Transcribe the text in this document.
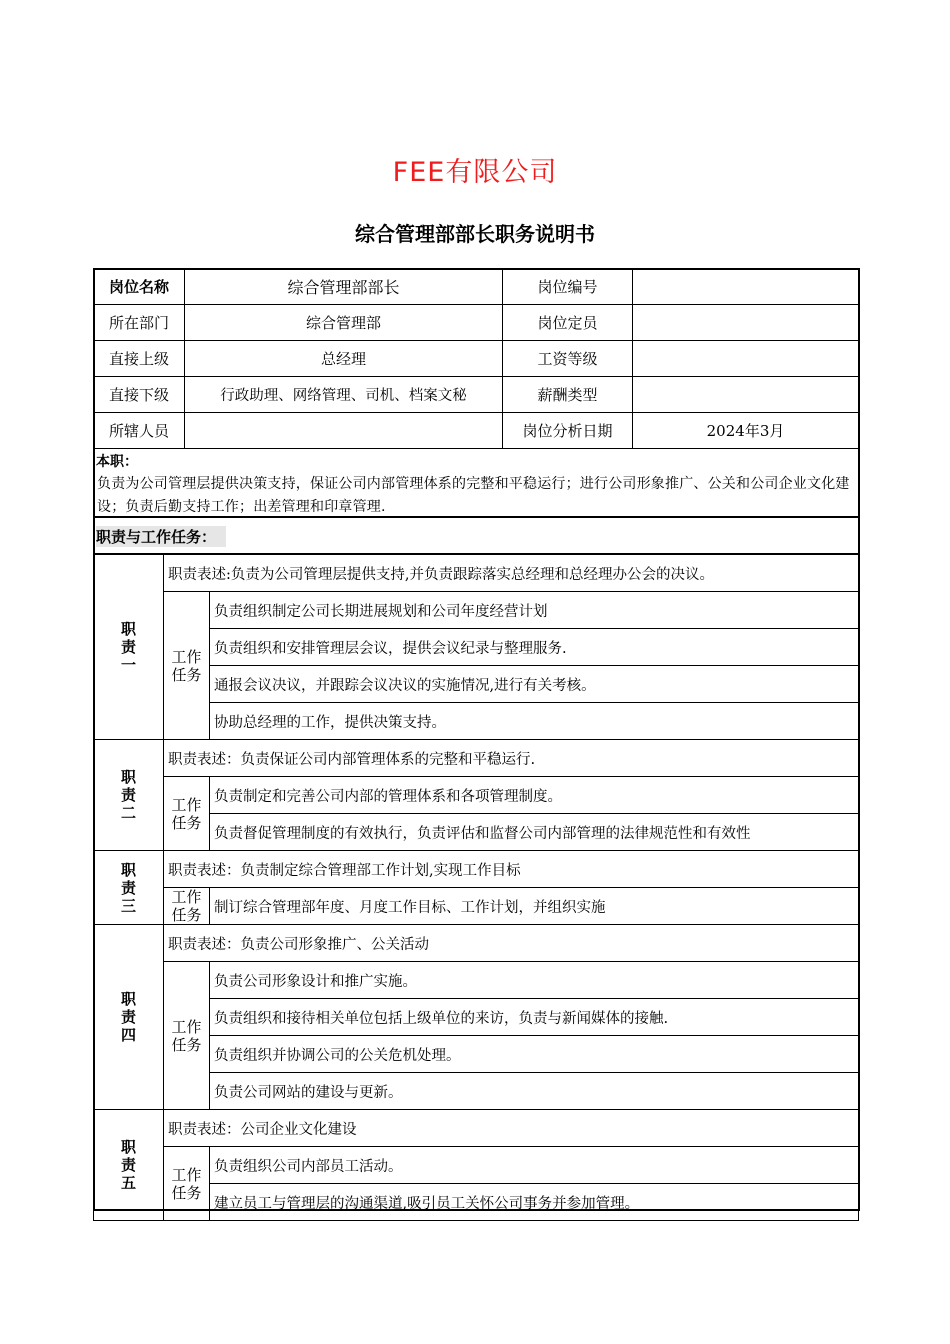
FEE有限公司
综合管理部部长职务说明书
岗位名称	综合管理部部长	岗位编号	
所在部门	综合管理部	岗位定员	
直接上级	总经理	工资等级	
直接下级	行政助理、网络管理、司机、档案文秘	薪酬类型	
所辖人员		岗位分析日期	2024年3月
本职：
负责为公司管理层提供决策支持，保证公司内部管理体系的完整和平稳运行；进行公司形象推广、公关和公司企业文化建设；负责后勤支持工作；出差管理和印章管理.
职责与工作任务：
职责一	职责表述:负责为公司管理层提供支持,并负责跟踪落实总经理和总经理办公会的决议。	

	工作任务	负责组织制定公司长期进展规划和公司年度经营计划
		负责组织和安排管理层会议，提供会议纪录与整理服务.
		通报会议决议，并跟踪会议决议的实施情况,进行有关考核。
		协助总经理的工作，提供决策支持。

职责二	职责表述：负责保证公司内部管理体系的完整和平稳运行.	

	工作任务	负责制定和完善公司内部的管理体系和各项管理制度。
		负责督促管理制度的有效执行，负责评估和监督公司内部管理的法律规范性和有效性

职责三	职责表述：负责制定综合管理部工作计划,实现工作目标	

	工作任务	制订综合管理部年度、月度工作目标、工作计划，并组织实施

职责四	职责表述：负责公司形象推广、公关活动	

	工作任务	负责公司形象设计和推广实施。
		负责组织和接待相关单位包括上级单位的来访，负责与新闻媒体的接触.
		负责组织并协调公司的公关危机处理。
		负责公司网站的建设与更新。

职责五	职责表述：公司企业文化建设	

	工作任务	负责组织公司内部员工活动。
		建立员工与管理层的沟通渠道,吸引员工关怀公司事务并参加管理。
